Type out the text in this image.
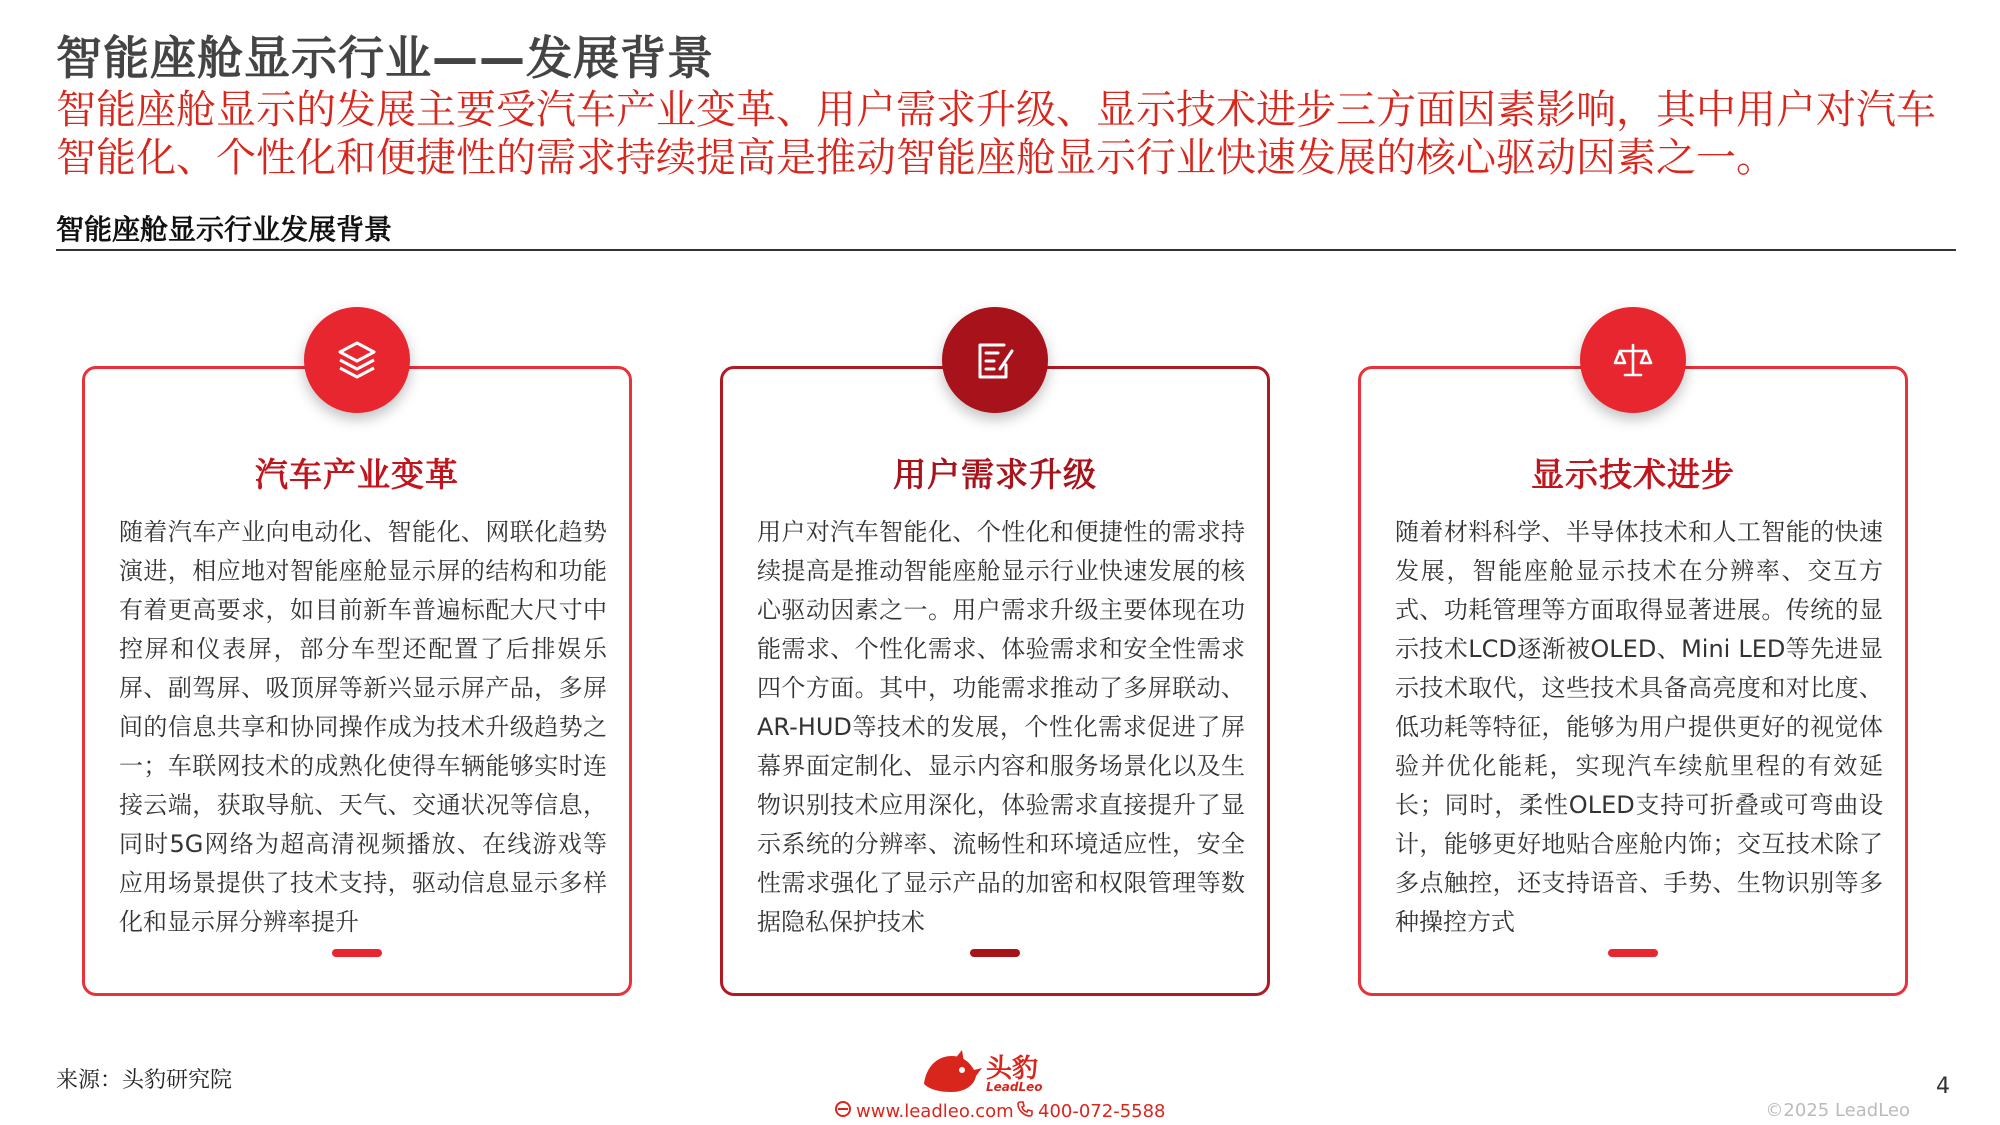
智能座舱显示行业——发展背景
智能座舱显示的发展主要受汽车产业变革、用户需求升级、显示技术进步三方面因素影响，其中用户对汽车智能化、个性化和便捷性的需求持续提高是推动智能座舱显示行业快速发展的核心驱动因素之一。
智能座舱显示行业发展背景
汽车产业变革
随着汽车产业向电动化、智能化、网联化趋势演进，相应地对智能座舱显示屏的结构和功能有着更高要求，如目前新车普遍标配大尺寸中控屏和仪表屏，部分车型还配置了后排娱乐屏、副驾屏、吸顶屏等新兴显示屏产品，多屏间的信息共享和协同操作成为技术升级趋势之一；车联网技术的成熟化使得车辆能够实时连接云端，获取导航、天气、交通状况等信息，同时5G网络为超高清视频播放、在线游戏等应用场景提供了技术支持，驱动信息显示多样化和显示屏分辨率提升
用户需求升级
用户对汽车智能化、个性化和便捷性的需求持续提高是推动智能座舱显示行业快速发展的核心驱动因素之一。用户需求升级主要体现在功能需求、个性化需求、体验需求和安全性需求四个方面。其中，功能需求推动了多屏联动、AR-HUD等技术的发展，个性化需求促进了屏幕界面定制化、显示内容和服务场景化以及生物识别技术应用深化，体验需求直接提升了显示系统的分辨率、流畅性和环境适应性，安全性需求强化了显示产品的加密和权限管理等数据隐私保护技术
显示技术进步
随着材料科学、半导体技术和人工智能的快速发展，智能座舱显示技术在分辨率、交互方式、功耗管理等方面取得显著进展。传统的显示技术LCD逐渐被OLED、Mini LED等先进显示技术取代，这些技术具备高亮度和对比度、低功耗等特征，能够为用户提供更好的视觉体验并优化能耗，实现汽车续航里程的有效延长；同时，柔性OLED支持可折叠或可弯曲设计，能够更好地贴合座舱内饰；交互技术除了多点触控，还支持语音、手势、生物识别等多种操控方式
来源：头豹研究院	头豹
LeadLeo
www.leadleo.com 400-072-5588	©2025 LeadLeo
4
